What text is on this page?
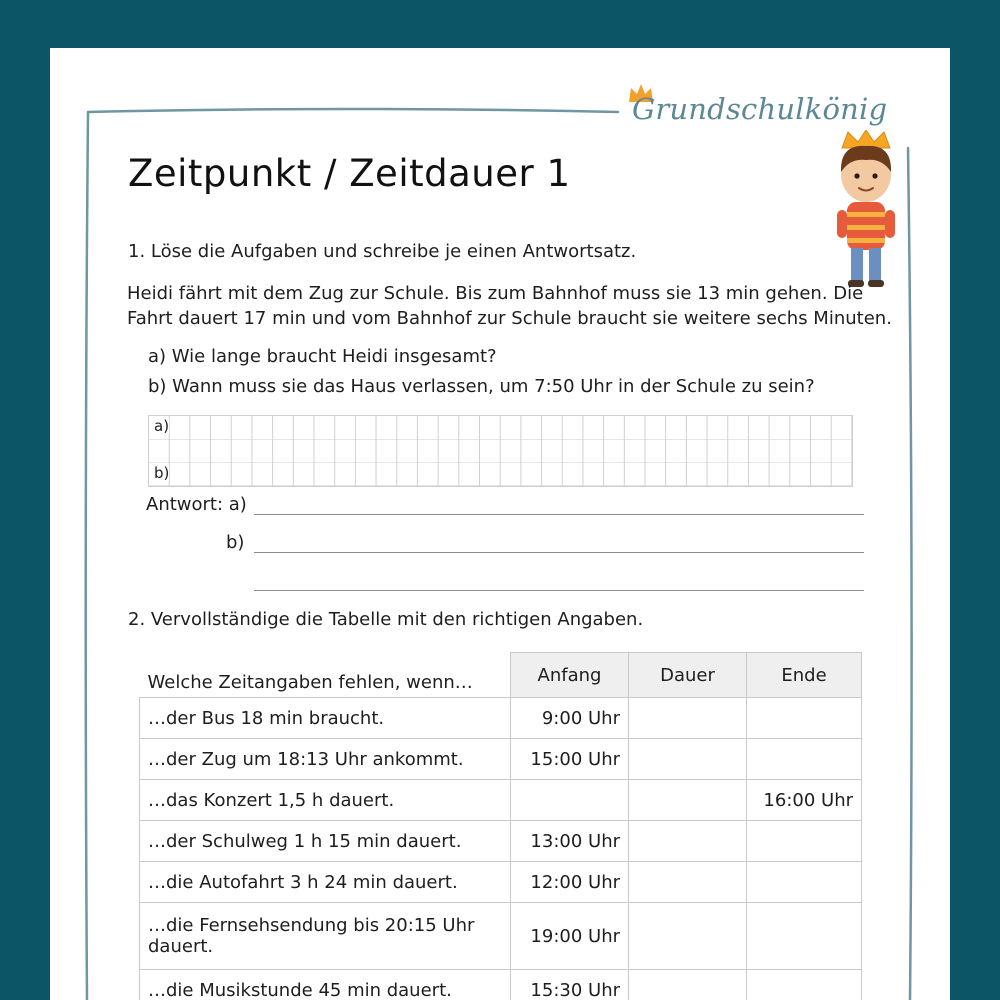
Grundschulkönig
Zeitpunkt / Zeitdauer 1
1. Löse die Aufgaben und schreibe je einen Antwortsatz.
Heidi fährt mit dem Zug zur Schule. Bis zum Bahnhof muss sie 13 min gehen. Die
Fahrt dauert 17 min und vom Bahnhof zur Schule braucht sie weitere sechs Minuten.
a) Wie lange braucht Heidi insgesamt?
b) Wann muss sie das Haus verlassen, um 7:50 Uhr in der Schule zu sein?
a)
b)
Antwort: a)
b)
2. Vervollständige die Tabelle mit den richtigen Angaben.
Welche Zeitangaben fehlen, wenn…	Anfang	Dauer	Ende
…der Bus 18 min braucht.	9:00 Uhr		
…der Zug um 18:13 Uhr ankommt.	15:00 Uhr		
…das Konzert 1,5 h dauert.			16:00 Uhr
…der Schulweg 1 h 15 min dauert.	13:00 Uhr		
…die Autofahrt 3 h 24 min dauert.	12:00 Uhr		
…die Fernsehsendung bis 20:15 Uhr dauert.	19:00 Uhr		
…die Musikstunde 45 min dauert.	15:30 Uhr		
